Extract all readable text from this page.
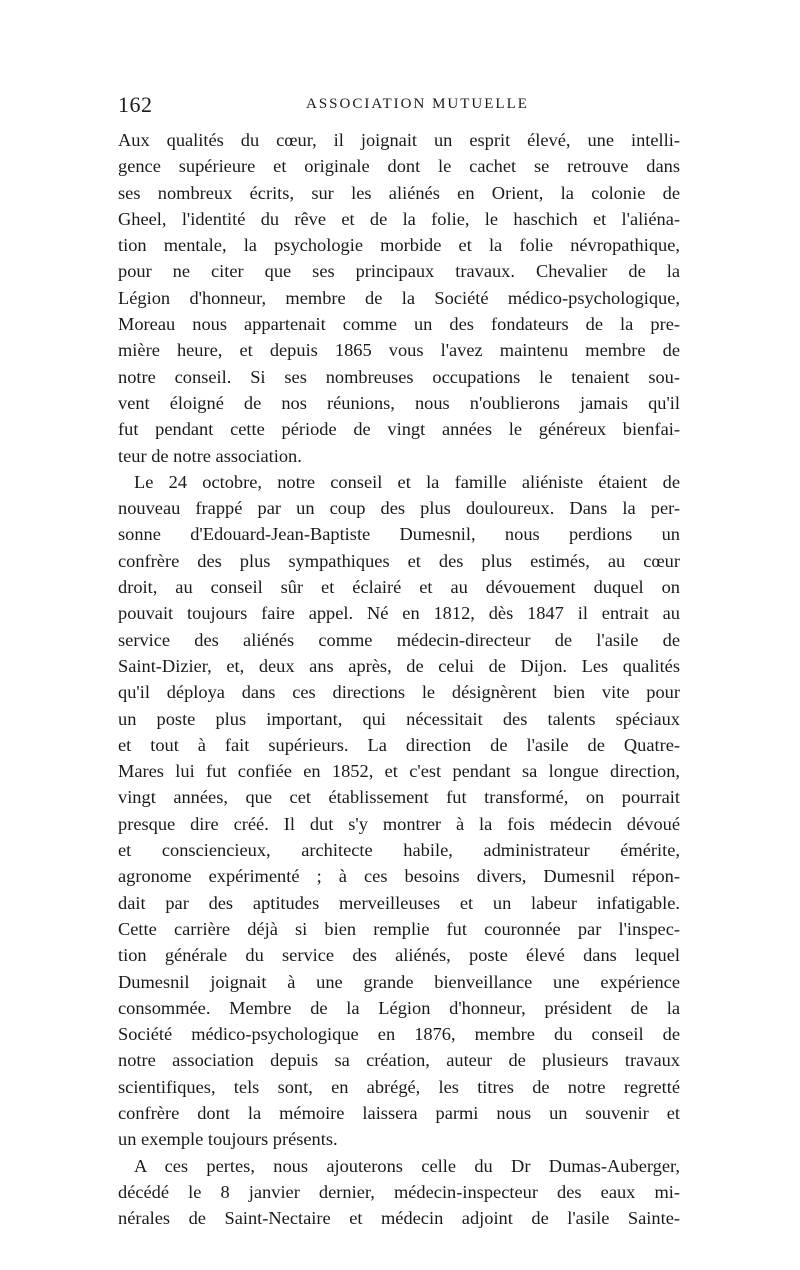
162	ASSOCIATION MUTUELLE
Aux qualités du cœur, il joignait un esprit élevé, une intelli-
gence supérieure et originale dont le cachet se retrouve dans
ses nombreux écrits, sur les aliénés en Orient, la colonie de
Gheel, l'identité du rêve et de la folie, le haschich et l'aliéna-
tion mentale, la psychologie morbide et la folie névropathique,
pour ne citer que ses principaux travaux. Chevalier de la
Légion d'honneur, membre de la Société médico-psychologique,
Moreau nous appartenait comme un des fondateurs de la pre-
mière heure, et depuis 1865 vous l'avez maintenu membre de
notre conseil. Si ses nombreuses occupations le tenaient sou-
vent éloigné de nos réunions, nous n'oublierons jamais qu'il
fut pendant cette période de vingt années le généreux bienfai-
teur de notre association.
Le 24 octobre, notre conseil et la famille aliéniste étaient de
nouveau frappé par un coup des plus douloureux. Dans la per-
sonne d'Edouard-Jean-Baptiste Dumesnil, nous perdions un
confrère des plus sympathiques et des plus estimés, au cœur
droit, au conseil sûr et éclairé et au dévouement duquel on
pouvait toujours faire appel. Né en 1812, dès 1847 il entrait au
service des aliénés comme médecin-directeur de l'asile de
Saint-Dizier, et, deux ans après, de celui de Dijon. Les qualités
qu'il déploya dans ces directions le désignèrent bien vite pour
un poste plus important, qui nécessitait des talents spéciaux
et tout à fait supérieurs. La direction de l'asile de Quatre-
Mares lui fut confiée en 1852, et c'est pendant sa longue direction,
vingt années, que cet établissement fut transformé, on pourrait
presque dire créé. Il dut s'y montrer à la fois médecin dévoué
et consciencieux, architecte habile, administrateur émérite,
agronome expérimenté ; à ces besoins divers, Dumesnil répon-
dait par des aptitudes merveilleuses et un labeur infatigable.
Cette carrière déjà si bien remplie fut couronnée par l'inspec-
tion générale du service des aliénés, poste élevé dans lequel
Dumesnil joignait à une grande bienveillance une expérience
consommée. Membre de la Légion d'honneur, président de la
Société médico-psychologique en 1876, membre du conseil de
notre association depuis sa création, auteur de plusieurs travaux
scientifiques, tels sont, en abrégé, les titres de notre regretté
confrère dont la mémoire laissera parmi nous un souvenir et
un exemple toujours présents.
A ces pertes, nous ajouterons celle du Dr Dumas-Auberger,
décédé le 8 janvier dernier, médecin-inspecteur des eaux mi-
nérales de Saint-Nectaire et médecin adjoint de l'asile Sainte-
